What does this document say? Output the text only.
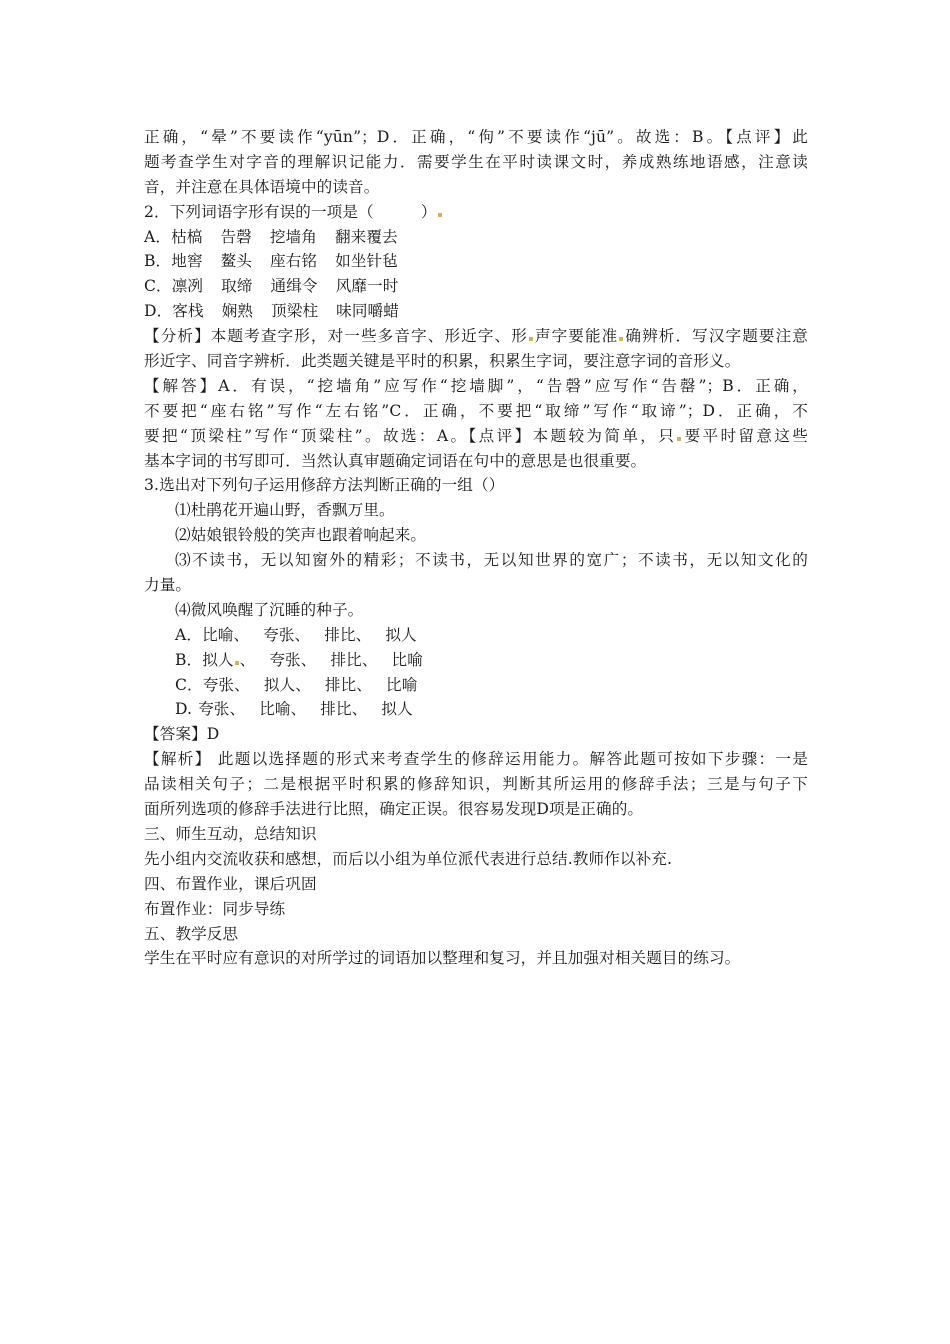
正确，“晕”不要读作“yūn”；D．正确，“佝”不要读作“jū”。故选：B。【点评】此
题考查学生对字音的理解识记能力．需要学生在平时读课文时，养成熟练地语感，注意读
音，并注意在具体语境中的读音。
2．下列词语字形有误的一项是（　　　）
A．枯槁 告磬 挖墙角 翻来覆去
B．地窖 鳌头 座右铭 如坐针毡
C．凛冽 取缔 通缉令 风靡一时
D．客栈 娴熟 顶梁柱 味同嚼蜡
【分析】本题考查字形，对一些多音字、形近字、形 声字要能准 确辨析．写汉字题要注意
形近字、同音字辨析．此类题关键是平时的积累，积累生字词，要注意字词的音形义。
【解答】A．有误，“挖墙角”应写作“挖墙脚”，“告磬”应写作“告罄”；B．正确，
不要把“座右铭”写作“左右铭”C．正确，不要把“取缔”写作“取谛”；D．正确，不
要把“顶梁柱”写作“顶粱柱”。故选：A。【点评】本题较为简单，只 要平时留意这些
基本字词的书写即可．当然认真审题确定词语在句中的意思是也很重要。
3.选出对下列句子运用修辞方法判断正确的一组（）
⑴杜鹃花开遍山野，香飘万里。
⑵姑娘银铃般的笑声也跟着响起来。
⑶不读书，无以知窗外的精彩；不读书，无以知世界的宽广；不读书，无以知文化的
力量。
⑷微风唤醒了沉睡的种子。
A．比喻、 夸张、 排比、 拟人
B．拟人 、 夸张、 排比、 比喻
C．夸张、 拟人、 排比、 比喻
D. 夸张、 比喻、 排比、 拟人
【答案】D
【解析】 此题以选择题的形式来考查学生的修辞运用能力。解答此题可按如下步骤：一是
品读相关句子；二是根据平时积累的修辞知识，判断其所运用的修辞手法；三是与句子下
面所列选项的修辞手法进行比照，确定正误。很容易发现D项是正确的。
三、师生互动，总结知识
先小组内交流收获和感想，而后以小组为单位派代表进行总结.教师作以补充.
四、布置作业，课后巩固
布置作业：同步导练
五、教学反思
学生在平时应有意识的对所学过的词语加以整理和复习，并且加强对相关题目的练习。
